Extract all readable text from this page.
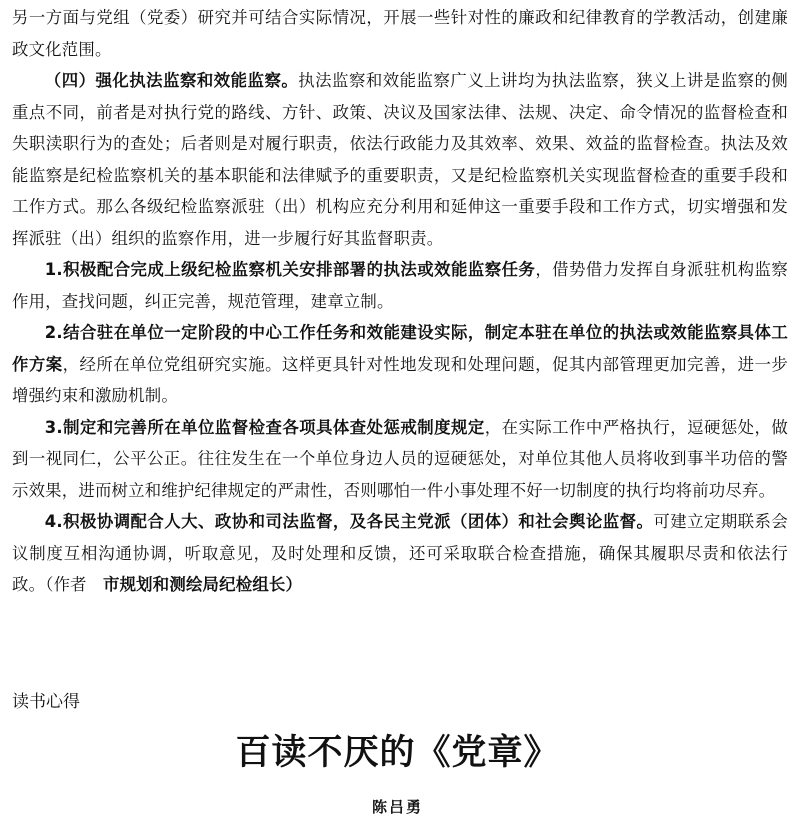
另一方面与党组（党委）研究并可结合实际情况，开展一些针对性的廉政和纪律教育的学教活动，创建廉政文化范围。

（四）强化执法监察和效能监察。执法监察和效能监察广义上讲均为执法监察，狭义上讲是监察的侧重点不同，前者是对执行党的路线、方针、政策、决议及国家法律、法规、决定、命令情况的监督检查和失职渎职行为的查处；后者则是对履行职责，依法行政能力及其效率、效果、效益的监督检查。执法及效能监察是纪检监察机关的基本职能和法律赋予的重要职责，又是纪检监察机关实现监督检查的重要手段和工作方式。那么各级纪检监察派驻（出）机构应充分利用和延伸这一重要手段和工作方式，切实增强和发挥派驻（出）组织的监察作用，进一步履行好其监督职责。

1.积极配合完成上级纪检监察机关安排部署的执法或效能监察任务，借势借力发挥自身派驻机构监察作用，查找问题，纠正完善，规范管理，建章立制。

2.结合驻在单位一定阶段的中心工作任务和效能建设实际，制定本驻在单位的执法或效能监察具体工作方案，经所在单位党组研究实施。这样更具针对性地发现和处理问题，促其内部管理更加完善，进一步增强约束和激励机制。

3.制定和完善所在单位监督检查各项具体查处惩戒制度规定，在实际工作中严格执行，逗硬惩处，做到一视同仁，公平公正。往往发生在一个单位身边人员的逗硬惩处，对单位其他人员将收到事半功倍的警示效果，进而树立和维护纪律规定的严肃性，否则哪怕一件小事处理不好一切制度的执行均将前功尽弃。

4.积极协调配合人大、政协和司法监督，及各民主党派（团体）和社会舆论监督。可建立定期联系会议制度互相沟通协调，听取意见，及时处理和反馈，还可采取联合检查措施，确保其履职尽责和依法行政。（作者 市规划和测绘局纪检组长）

读书心得
百读不厌的《党章》
陈吕勇
